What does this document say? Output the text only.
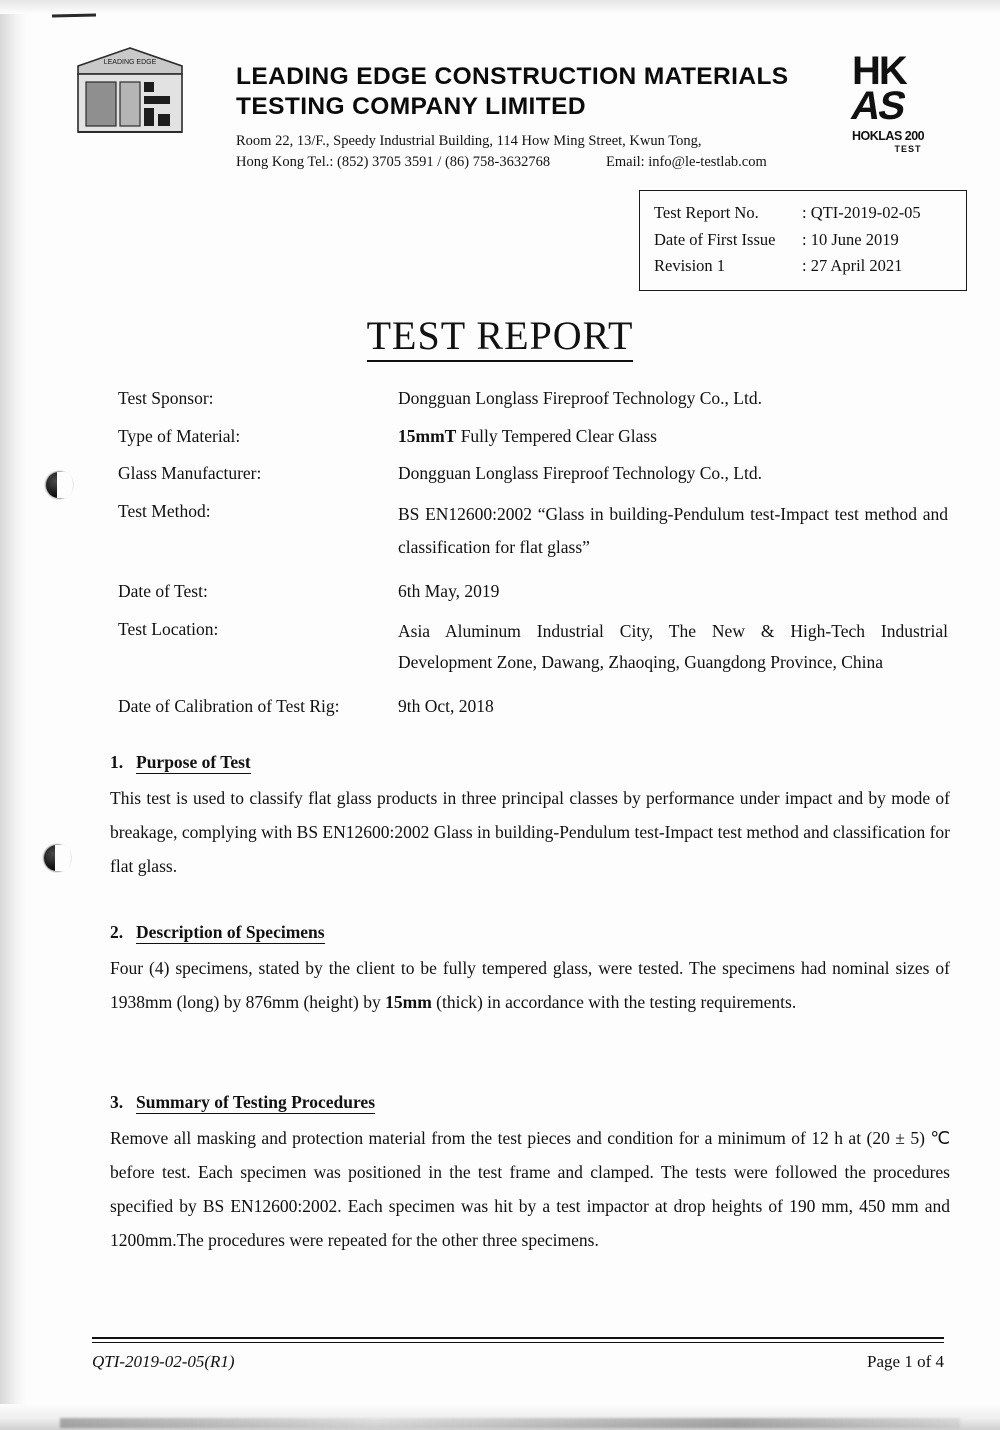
LEADING EDGE
LEADING EDGE CONSTRUCTION MATERIALS
TESTING COMPANY LIMITED
Room 22, 13/F., Speedy Industrial Building, 114 How Ming Street, Kwun Tong,
Hong Kong Tel.: (852) 3705 3591 / (86) 758-3632768	Email: info@le-testlab.com
HK
AS
HOKLAS 200
TEST
Test Report No.	: QTI-2019-02-05
Date of First Issue	: 10 June 2019
Revision 1	: 27 April 2021
TEST REPORT
Test Sponsor:	Dongguan Longlass Fireproof Technology Co., Ltd.
Type of Material:	15mmT Fully Tempered Clear Glass
Glass Manufacturer:	Dongguan Longlass Fireproof Technology Co., Ltd.
Test Method:	BS EN12600:2002 “Glass in building-Pendulum test-Impact test method and classification for flat glass”
Date of Test:	6th May, 2019
Test Location:	Asia Aluminum Industrial City, The New & High-Tech Industrial Development Zone, Dawang, Zhaoqing, Guangdong Province, China
Date of Calibration of Test Rig:	9th Oct, 2018
1. Purpose of Test
This test is used to classify flat glass products in three principal classes by performance under impact and by mode of breakage, complying with BS EN12600:2002 Glass in building-Pendulum test-Impact test method and classification for flat glass.
2. Description of Specimens
Four (4) specimens, stated by the client to be fully tempered glass, were tested. The specimens had nominal sizes of 1938mm (long) by 876mm (height) by 15mm (thick) in accordance with the testing requirements.
3. Summary of Testing Procedures
Remove all masking and protection material from the test pieces and condition for a minimum of 12 h at (20 ± 5) ℃ before test. Each specimen was positioned in the test frame and clamped. The tests were followed the procedures specified by BS EN12600:2002. Each specimen was hit by a test impactor at drop heights of 190 mm, 450 mm and 1200mm.The procedures were repeated for the other three specimens.
QTI-2019-02-05(R1)	Page 1 of 4
